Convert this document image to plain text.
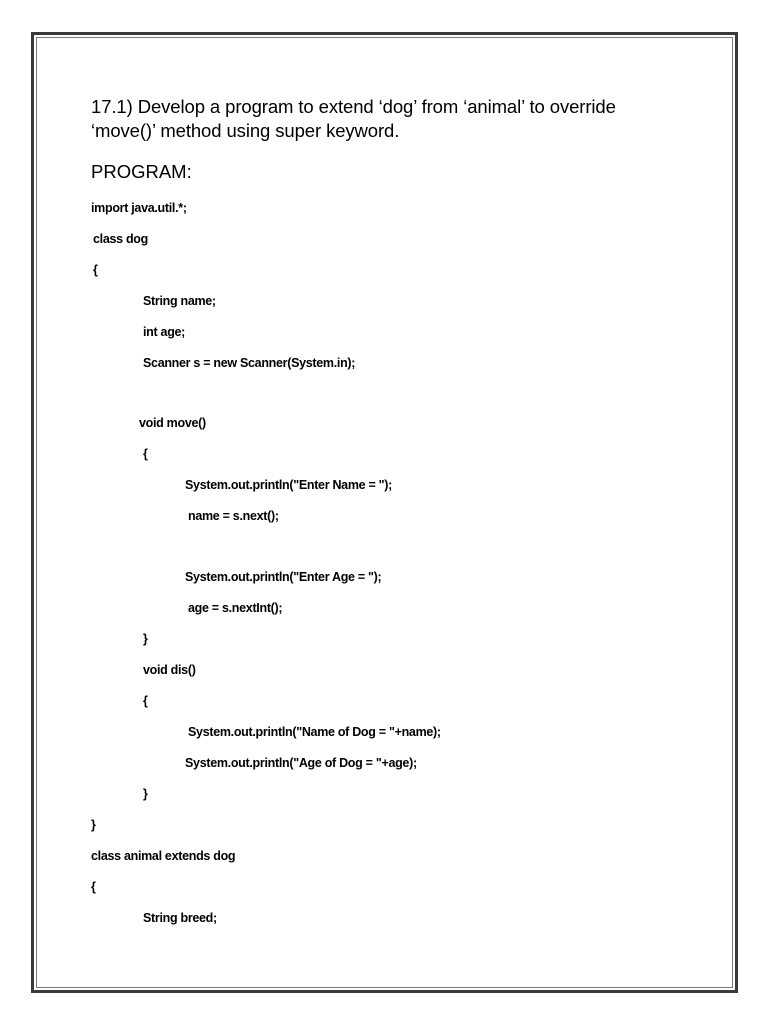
17.1) Develop a program to extend ‘dog’ from ‘animal’ to override
‘move()’ method using super keyword.
PROGRAM:
import java.util.*;
class dog
{
String name;
int age;
Scanner s = new Scanner(System.in);
void move()
{
System.out.println("Enter Name = ");
name = s.next();
System.out.println("Enter Age = ");
age = s.nextInt();
}
void dis()
{
System.out.println("Name of Dog = "+name);
System.out.println("Age of Dog = "+age);
}
}
class animal extends dog
{
String breed;
